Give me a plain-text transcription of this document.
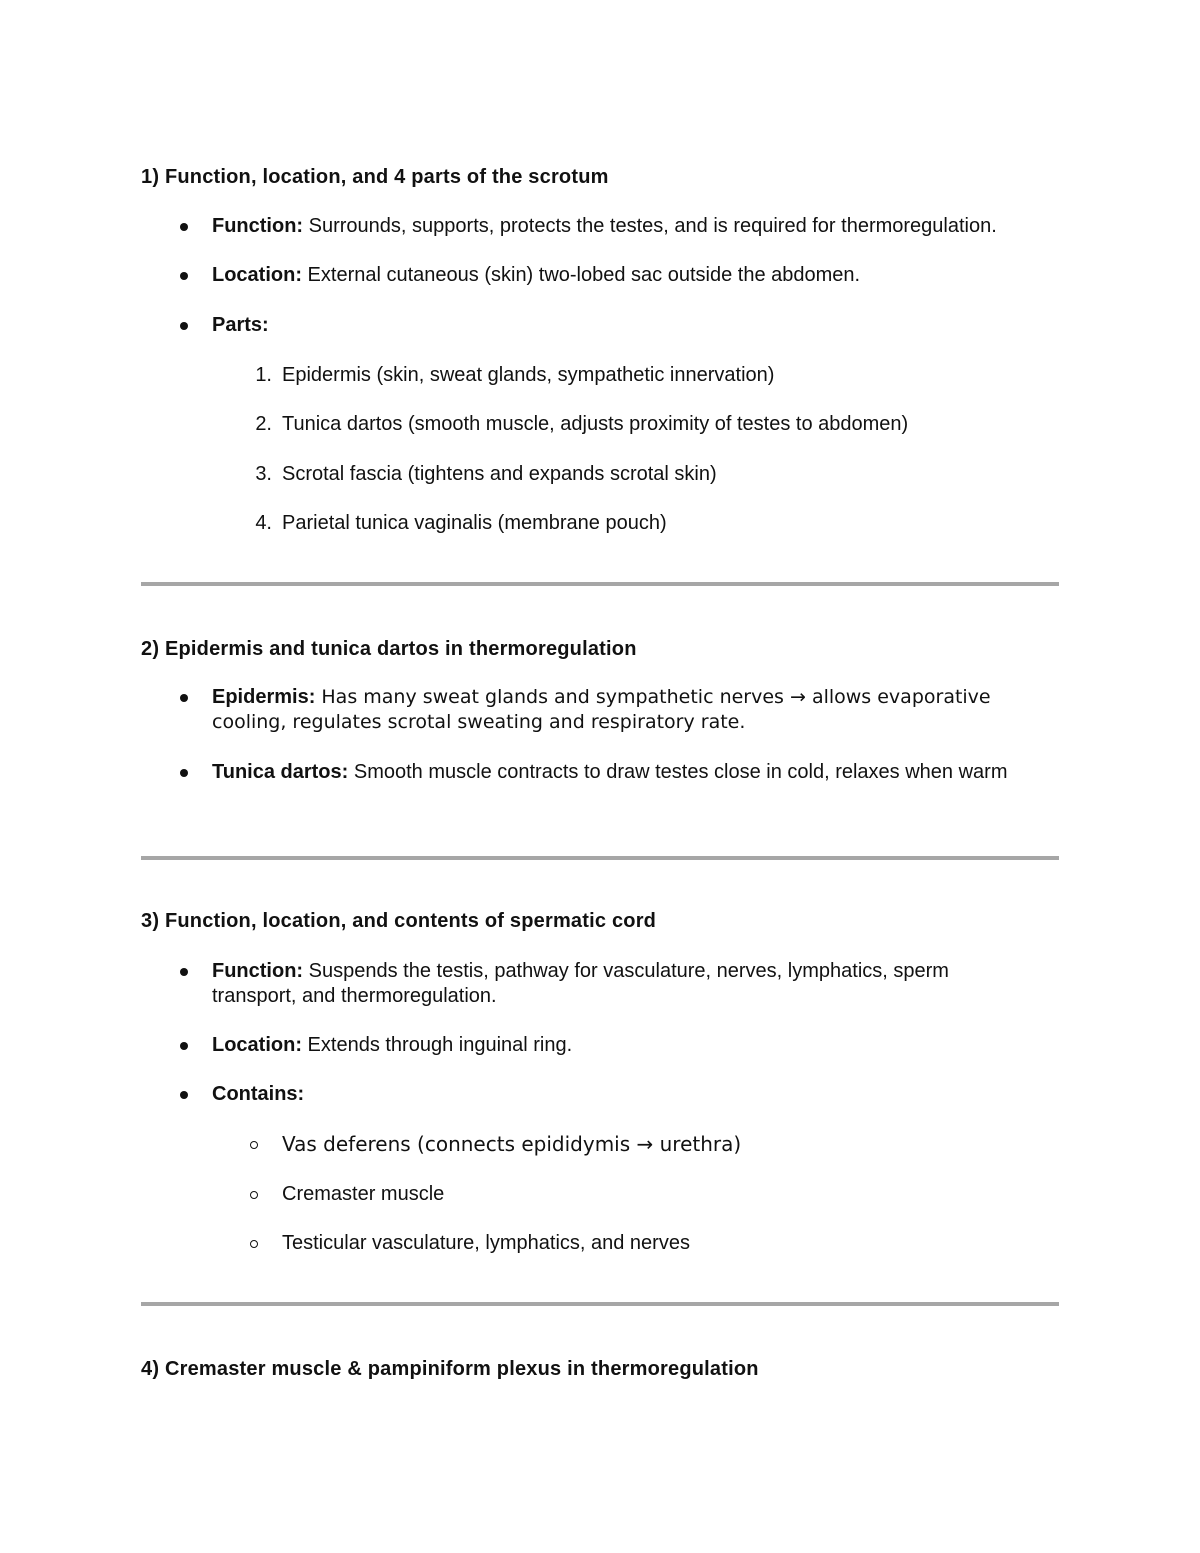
1) Function, location, and 4 parts of the scrotum
Function: Surrounds, supports, protects the testes, and is required for thermoregulation.
Location: External cutaneous (skin) two-lobed sac outside the abdomen.
Parts:
1. Epidermis (skin, sweat glands, sympathetic innervation)
2. Tunica dartos (smooth muscle, adjusts proximity of testes to abdomen)
3. Scrotal fascia (tightens and expands scrotal skin)
4. Parietal tunica vaginalis (membrane pouch)
2) Epidermis and tunica dartos in thermoregulation
Epidermis: Has many sweat glands and sympathetic nerves → allows evaporative cooling, regulates scrotal sweating and respiratory rate.
Tunica dartos: Smooth muscle contracts to draw testes close in cold, relaxes when warm
3) Function, location, and contents of spermatic cord
Function: Suspends the testis, pathway for vasculature, nerves, lymphatics, sperm transport, and thermoregulation.
Location: Extends through inguinal ring.
Contains:
Vas deferens (connects epididymis → urethra)
Cremaster muscle
Testicular vasculature, lymphatics, and nerves
4) Cremaster muscle & pampiniform plexus in thermoregulation
